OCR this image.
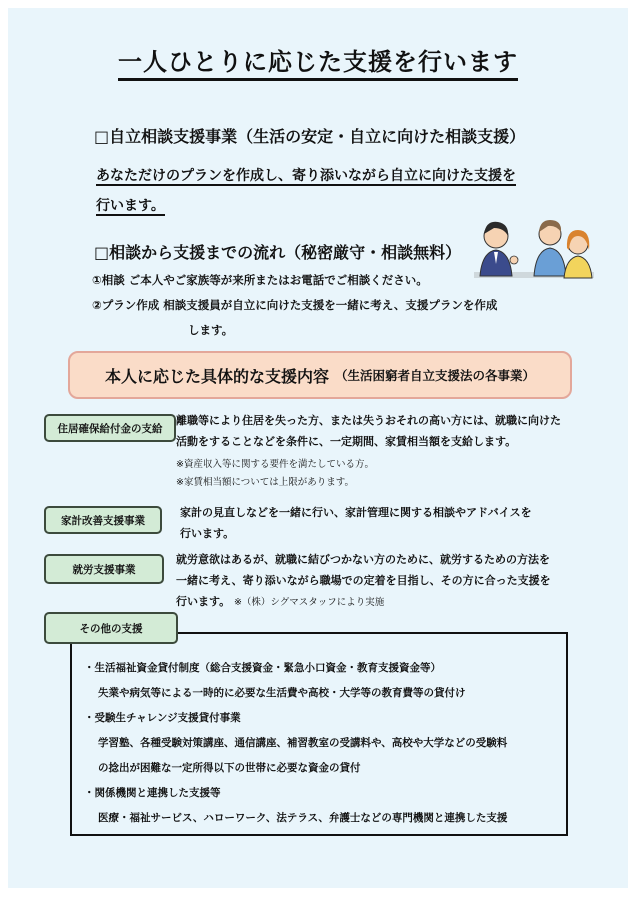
一人ひとりに応じた支援を行います
□自立相談支援事業（生活の安定・自立に向けた相談支援）
あなただけのプランを作成し、寄り添いながら自立に向けた支援を
行います。
□相談から支援までの流れ（秘密厳守・相談無料）
①相談 ご本人やご家族等が来所またはお電話でご相談ください。
②プラン作成 相談支援員が自立に向けた支援を一緒に考え、支援プランを作成
します。
本人に応じた具体的な支援内容 （生活困窮者自立支援法の各事業）
住居確保給付金の支給
離職等により住居を失った方、または失うおそれの高い方には、就職に向けた
活動をすることなどを条件に、一定期間、家賃相当額を支給します。
※資産収入等に関する要件を満たしている方。
※家賃相当額については上限があります。
家計改善支援事業
家計の見直しなどを一緒に行い、家計管理に関する相談やアドバイスを
行います。
就労支援事業
就労意欲はあるが、就職に結びつかない方のために、就労するための方法を
一緒に考え、寄り添いながら職場での定着を目指し、その方に合った支援を
行います。 ※（株）シグマスタッフにより実施
その他の支援
・生活福祉資金貸付制度（総合支援資金・緊急小口資金・教育支援資金等）
失業や病気等による一時的に必要な生活費や高校・大学等の教育費等の貸付け
・受験生チャレンジ支援貸付事業
学習塾、各種受験対策講座、通信講座、補習教室の受講料や、高校や大学などの受験料
の捻出が困難な一定所得以下の世帯に必要な資金の貸付
・関係機関と連携した支援等
医療・福祉サービス、ハローワーク、法テラス、弁護士などの専門機関と連携した支援
